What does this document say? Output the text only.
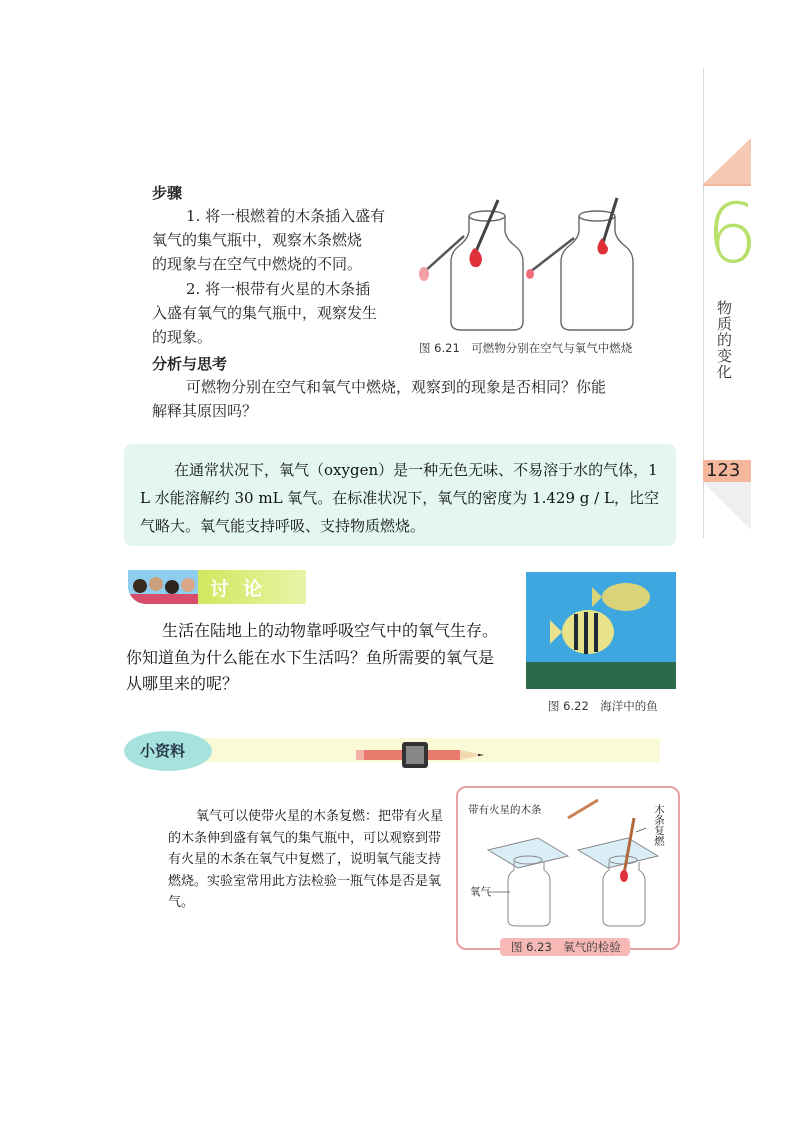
6
物质的变化
123
步骤
1. 将一根燃着的木条插入盛有
氧气的集气瓶中，观察木条燃烧
的现象与在空气中燃烧的不同。
2. 将一根带有火星的木条插
入盛有氧气的集气瓶中，观察发生
的现象。
图 6.21　可燃物分别在空气与氧气中燃烧
分析与思考
可燃物分别在空气和氧气中燃烧，观察到的现象是否相同？你能
解释其原因吗？
在通常状况下，氧气（oxygen）是一种无色无味、不易溶于水的气体，1 L 水能溶解约 30 mL 氧气。在标准状况下，氧气的密度为 1.429 g / L，比空气略大。氧气能支持呼吸、支持物质燃烧。
讨论
生活在陆地上的动物靠呼吸空气中的氧气生存。你知道鱼为什么能在水下生活吗？鱼所需要的氧气是从哪里来的呢？
图 6.22　海洋中的鱼
小资料
氧气可以使带火星的木条复燃：把带有火星的木条伸到盛有氧气的集气瓶中，可以观察到带有火星的木条在氧气中复燃了，说明氧气能支持燃烧。实验室常用此方法检验一瓶气体是否是氧气。
带有火星的木条
氧气
木条复燃
图 6.23　氧气的检验
